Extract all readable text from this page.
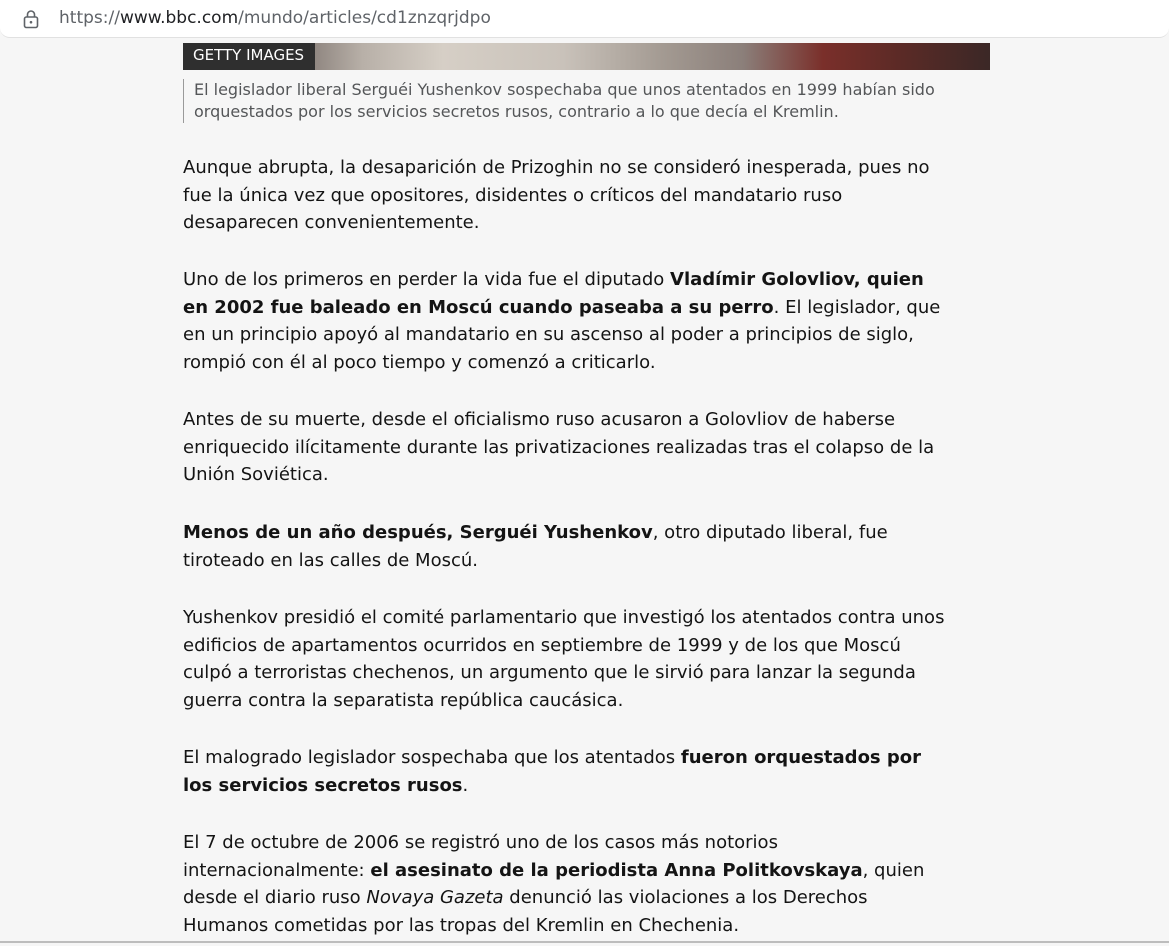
https://www.bbc.com/mundo/articles/cd1znzqrjdpo
GETTY IMAGES
El legislador liberal Serguéi Yushenkov sospechaba que unos atentados en 1999 habían sido orquestados por los servicios secretos rusos, contrario a lo que decía el Kremlin.
Aunque abrupta, la desaparición de Prizoghin no se consideró inesperada, pues no fue la única vez que opositores, disidentes o críticos del mandatario ruso desaparecen convenientemente.
Uno de los primeros en perder la vida fue el diputado Vladímir Golovliov, quien en 2002 fue baleado en Moscú cuando paseaba a su perro. El legislador, que en un principio apoyó al mandatario en su ascenso al poder a principios de siglo, rompió con él al poco tiempo y comenzó a criticarlo.
Antes de su muerte, desde el oficialismo ruso acusaron a Golovliov de haberse enriquecido ilícitamente durante las privatizaciones realizadas tras el colapso de la Unión Soviética.
Menos de un año después, Serguéi Yushenkov, otro diputado liberal, fue tiroteado en las calles de Moscú.
Yushenkov presidió el comité parlamentario que investigó los atentados contra unos edificios de apartamentos ocurridos en septiembre de 1999 y de los que Moscú culpó a terroristas chechenos, un argumento que le sirvió para lanzar la segunda guerra contra la separatista república caucásica.
El malogrado legislador sospechaba que los atentados fueron orquestados por los servicios secretos rusos.
El 7 de octubre de 2006 se registró uno de los casos más notorios internacionalmente: el asesinato de la periodista Anna Politkovskaya, quien desde el diario ruso Novaya Gazeta denunció las violaciones a los Derechos Humanos cometidas por las tropas del Kremlin en Chechenia.
